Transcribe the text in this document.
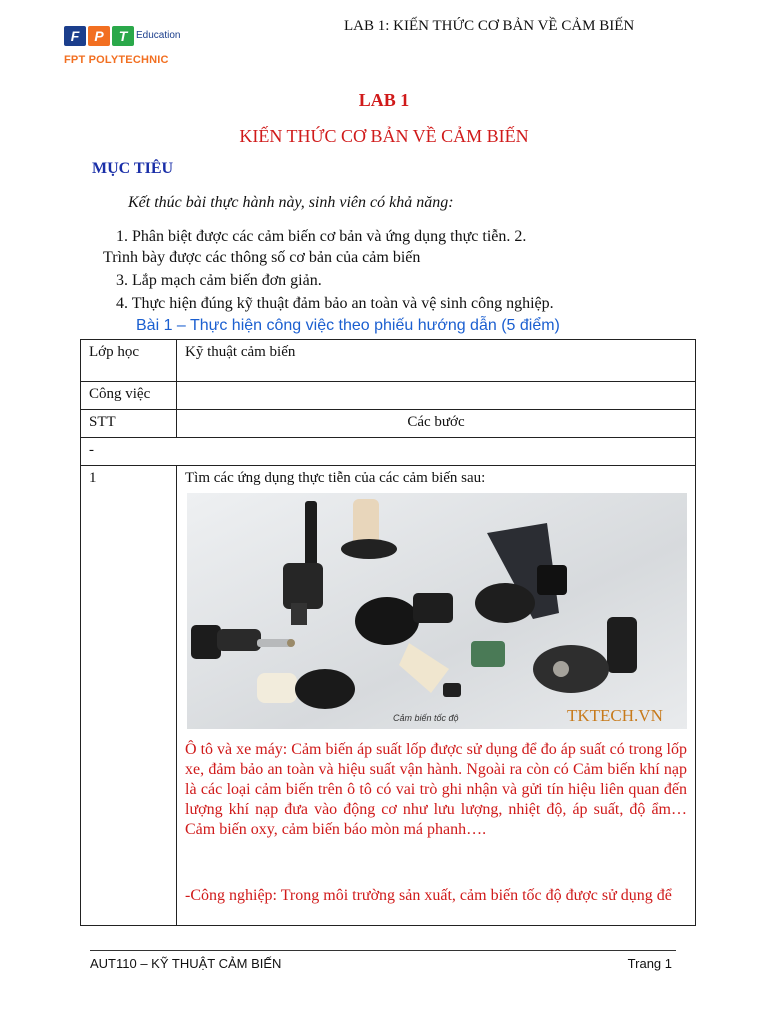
F	P	T Education
FPT POLYTECHNIC
LAB 1: KIẾN THỨC CƠ BẢN VỀ CẢM BIẾN
LAB 1
KIẾN THỨC CƠ BẢN VỀ CẢM BIẾN
MỤC TIÊU
Kết thúc bài thực hành này, sinh viên có khả năng:
1. Phân biệt được các cảm biến cơ bản và ứng dụng thực tiễn. 2.
Trình bày được các thông số cơ bản của cảm biến
3. Lắp mạch cảm biến đơn giản.
4. Thực hiện đúng kỹ thuật đảm bảo an toàn và vệ sinh công nghiệp.
Bài 1 – Thực hiện công việc theo phiếu hướng dẫn (5 điểm)
Lớp học	Kỹ thuật cảm biến
Công việc	
STT	Các bước
-	
1	Tìm các ứng dụng thực tiễn của các cảm biến sau:
Cảm biến tốc độ TKTECH.VN
Ô tô và xe máy: Cảm biến áp suất lốp được sử dụng để đo áp suất có trong lốp xe, đảm bảo an toàn và hiệu suất vận hành. Ngoài ra còn có Cảm biến khí nạp là các loại cảm biến trên ô tô có vai trò ghi nhận và gửi tín hiệu liên quan đến lượng khí nạp đưa vào động cơ như lưu lượng, nhiệt độ, áp suất, độ ẩm… Cảm biến oxy, cảm biến báo mòn má phanh….
-Công nghiệp: Trong môi trường sản xuất, cảm biến tốc độ được sử dụng để
AUT110 – KỸ THUẬT CẢM BIẾN	Trang 1
